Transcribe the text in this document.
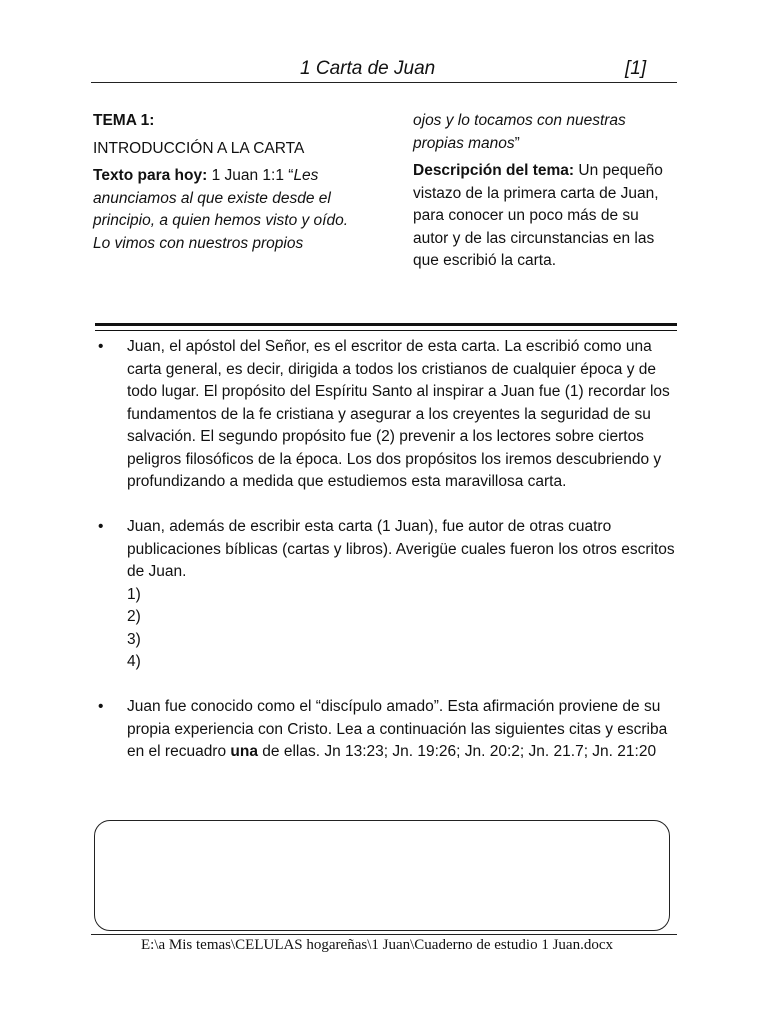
1 Carta de Juan	[1]

TEMA 1:

INTRODUCCIÓN A LA CARTA

Texto para hoy: 1 Juan 1:1 “Les anunciamos al que existe desde el principio, a quien hemos visto y oído. Lo vimos con nuestros propios

ojos y lo tocamos con nuestras propias manos”

Descripción del tema: Un pequeño vistazo de la primera carta de Juan, para conocer un poco más de su autor y de las circunstancias en las que escribió la carta.

•	Juan, el apóstol del Señor, es el escritor de esta carta. La escribió como una carta general, es decir, dirigida a todos los cristianos de cualquier época y de todo lugar. El propósito del Espíritu Santo al inspirar a Juan fue (1) recordar los fundamentos de la fe cristiana y asegurar a los creyentes la seguridad de su salvación. El segundo propósito fue (2) prevenir a los lectores sobre ciertos peligros filosóficos de la época. Los dos propósitos los iremos descubriendo y profundizando a medida que estudiemos esta maravillosa carta.

•	Juan, además de escribir esta carta (1 Juan), fue autor de otras cuatro publicaciones bíblicas (cartas y libros). Averigüe cuales fueron los otros escritos de Juan.
1)
2)
3)
4)

•	Juan fue conocido como el “discípulo amado”. Esta afirmación proviene de su propia experiencia con Cristo. Lea a continuación las siguientes citas y escriba en el recuadro una de ellas. Jn 13:23; Jn. 19:26; Jn. 20:2; Jn. 21.7; Jn. 21:20

E:\a Mis temas\CELULAS hogareñas\1 Juan\Cuaderno de estudio 1 Juan.docx
